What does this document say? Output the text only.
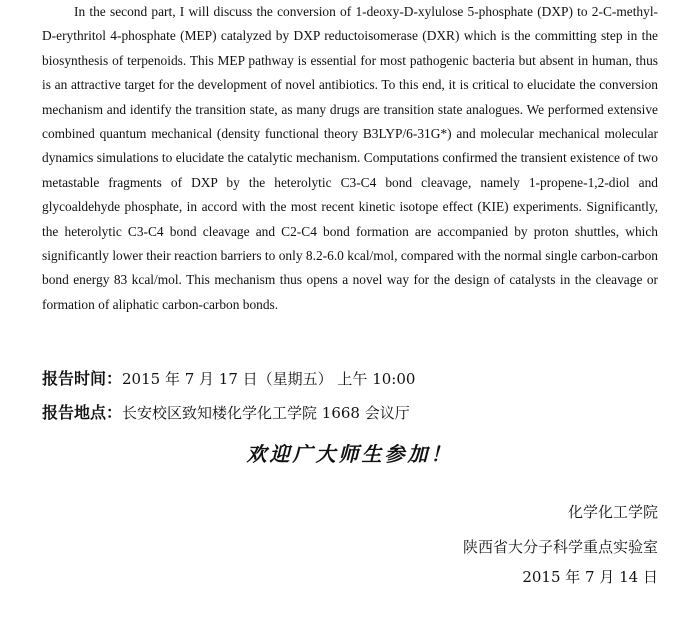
In the second part, I will discuss the conversion of 1-deoxy-D-xylulose 5-phosphate (DXP) to 2-C-methyl-D-erythritol 4-phosphate (MEP) catalyzed by DXP reductoisomerase (DXR) which is the committing step in the biosynthesis of terpenoids. This MEP pathway is essential for most pathogenic bacteria but absent in human, thus is an attractive target for the development of novel antibiotics. To this end, it is critical to elucidate the conversion mechanism and identify the transition state, as many drugs are transition state analogues. We performed extensive combined quantum mechanical (density functional theory B3LYP/6-31G*) and molecular mechanical molecular dynamics simulations to elucidate the catalytic mechanism. Computations confirmed the transient existence of two metastable fragments of DXP by the heterolytic C3-C4 bond cleavage, namely 1-propene-1,2-diol and glycoaldehyde phosphate, in accord with the most recent kinetic isotope effect (KIE) experiments. Significantly, the heterolytic C3-C4 bond cleavage and C2-C4 bond formation are accompanied by proton shuttles, which significantly lower their reaction barriers to only 8.2-6.0 kcal/mol, compared with the normal single carbon-carbon bond energy 83 kcal/mol. This mechanism thus opens a novel way for the design of catalysts in the cleavage or formation of aliphatic carbon-carbon bonds.

报告时间：2015 年 7 月 17 日（星期五） 上午 10:00
报告地点：长安校区致知楼化学化工学院 1668 会议厅
欢迎广大师生参加！
化学化工学院
陕西省大分子科学重点实验室
2015 年 7 月 14 日
